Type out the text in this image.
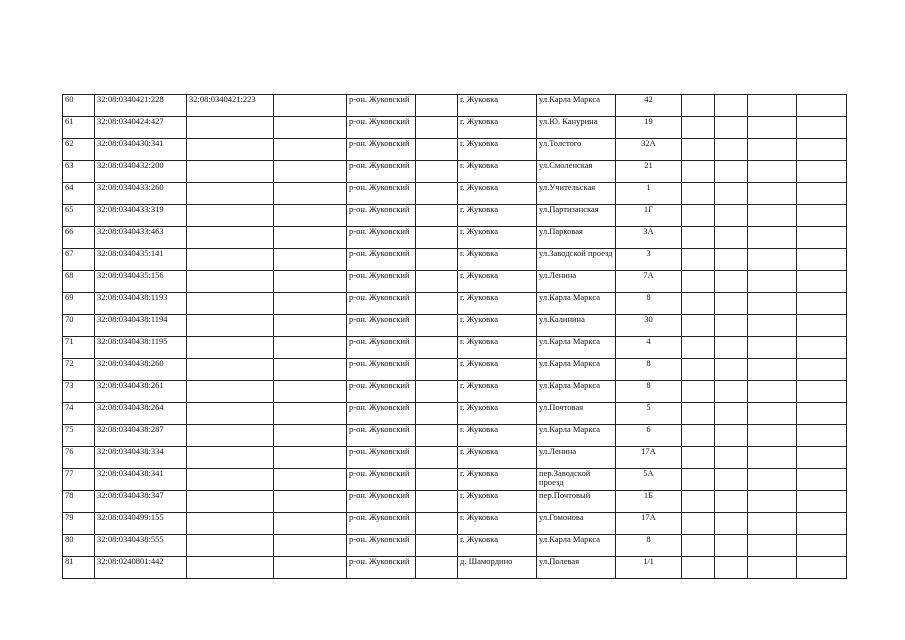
60	32:08:0340421:228	32:08:0340421:223		р-он. Жуковский		г. Жуковка	ул.Карла Маркса	42				
61	32:08:0340424:427			р-он. Жуковский		г. Жуковка	ул.Ю. Канурина	19				
62	32:08:0340430:341			р-он. Жуковский		г. Жуковка	ул.Толстого	32А				
63	32:08:0340432:200			р-он. Жуковский		г. Жуковка	ул.Смоленская	21				
64	32:08:0340433:260			р-он. Жуковский		г. Жуковка	ул.Учительская	1				
65	32:08:0340433:319			р-он. Жуковский		г. Жуковка	ул.Партизанская	1Г				
66	32:08:0340433:463			р-он. Жуковский		г. Жуковка	ул.Парковая	3А				
67	32:08:0340435:141			р-он. Жуковский		г. Жуковка	ул.Заводской проезд	3				
68	32:08:0340435:156			р-он. Жуковский		г. Жуковка	ул.Ленина	7А				
69	32:08:0340438:1193			р-он. Жуковский		г. Жуковка	ул.Карла Маркса	8				
70	32:08:0340438:1194			р-он. Жуковский		г. Жуковка	ул.Калинина	30				
71	32:08:0340438:1195			р-он. Жуковский		г. Жуковка	ул.Карла Маркса	4				
72	32:08:0340438:260			р-он. Жуковский		г. Жуковка	ул.Карла Маркса	8				
73	32:08:0340438:261			р-он. Жуковский		г. Жуковка	ул.Карла Маркса	8				
74	32:08:0340438:264			р-он. Жуковский		г. Жуковка	ул.Почтовая	5				
75	32:08:0340438:287			р-он. Жуковский		г. Жуковка	ул.Карла Маркса	6				
76	32:08:0340438:334			р-он. Жуковский		г. Жуковка	ул.Ленина	17А				
77	32:08:0340438:341			р-он. Жуковский		г. Жуковка	пер.Заводской проезд	5А				
78	32:08:0340438:347			р-он. Жуковский		г. Жуковка	пер.Почтовый	1Б				
79	32:08:0340499:155			р-он. Жуковский		г. Жуковка	ул.Гомонова	17А				
80	32:08:0340438:555			р-он. Жуковский		г. Жуковка	ул.Карла Маркса	8				
81	32:08:0240801:442			р-он. Жуковский		д. Шамордино	ул.Полевая	1/1				
